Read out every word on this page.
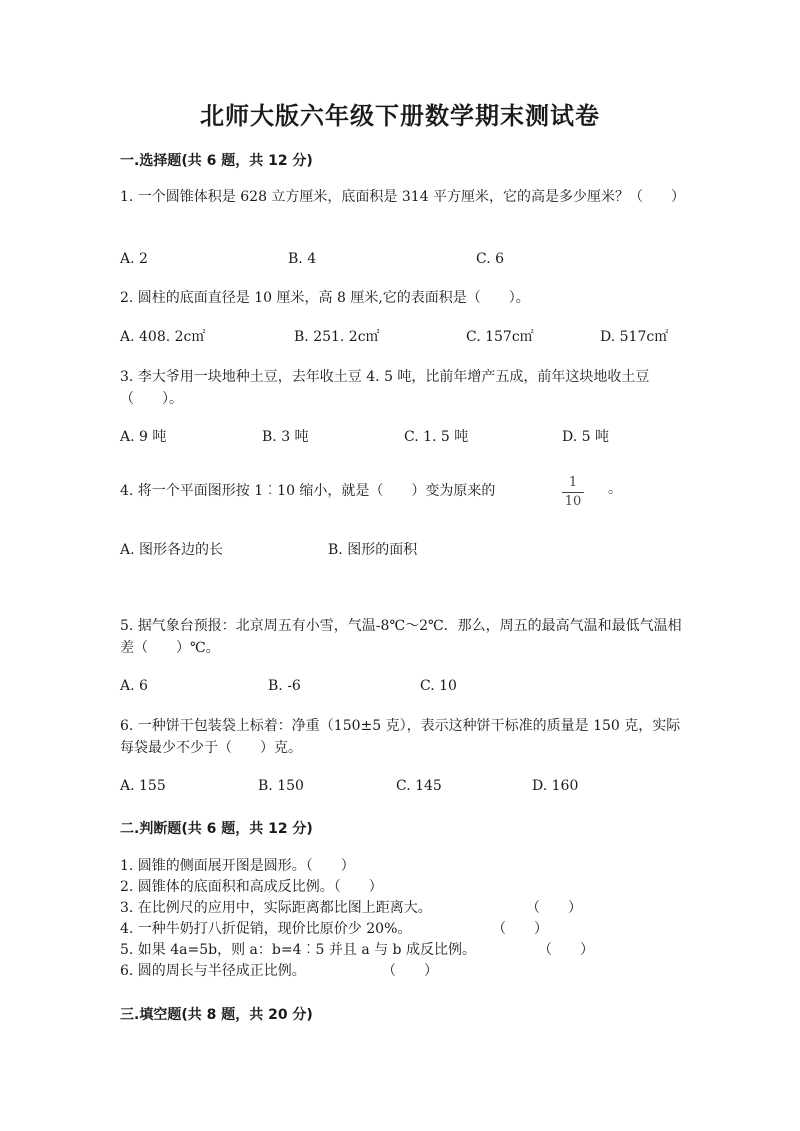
北师大版六年级下册数学期末测试卷
一.选择题(共 6 题，共 12 分)
1. 一个圆锥体积是 628 立方厘米，底面积是 314 平方厘米，它的高是多少厘米？（　　）
A. 2	B. 4	C. 6
2. 圆柱的底面直径是 10 厘米，高 8 厘米,它的表面积是（　　）。
A. 408. 2c㎡	B. 251. 2c㎡	C. 157c㎡	D. 517c㎡
3. 李大爷用一块地种土豆，去年收土豆 4. 5 吨，比前年增产五成，前年这块地收土豆（　　）。
A. 9 吨	B. 3 吨	C. 1. 5 吨	D. 5 吨
4. 将一个平面图形按 1︰10 缩小，就是（　　）变为原来的
1
10
。
A. 图形各边的长	B. 图形的面积
5. 据气象台预报：北京周五有小雪，气温-8℃～2℃．那么，周五的最高气温和最低气温相差（　　）℃。
A. 6	B. -6	C. 10
6. 一种饼干包装袋上标着：净重（150±5 克），表示这种饼干标准的质量是 150 克，实际每袋最少不少于（　　）克。
A. 155	B. 150	C. 145	D. 160
二.判断题(共 6 题，共 12 分)
1. 圆锥的侧面展开图是圆形。（　　）
2. 圆锥体的底面积和高成反比例。（　　）
3. 在比例尺的应用中，实际距离都比图上距离大。	（　　）
4. 一种牛奶打八折促销，现价比原价少 20%。	（　　）
5. 如果 4a=5b，则 a：b=4︰5 并且 a 与 b 成反比例。	（　　）
6. 圆的周长与半径成正比例。	（　　）
三.填空题(共 8 题，共 20 分)
